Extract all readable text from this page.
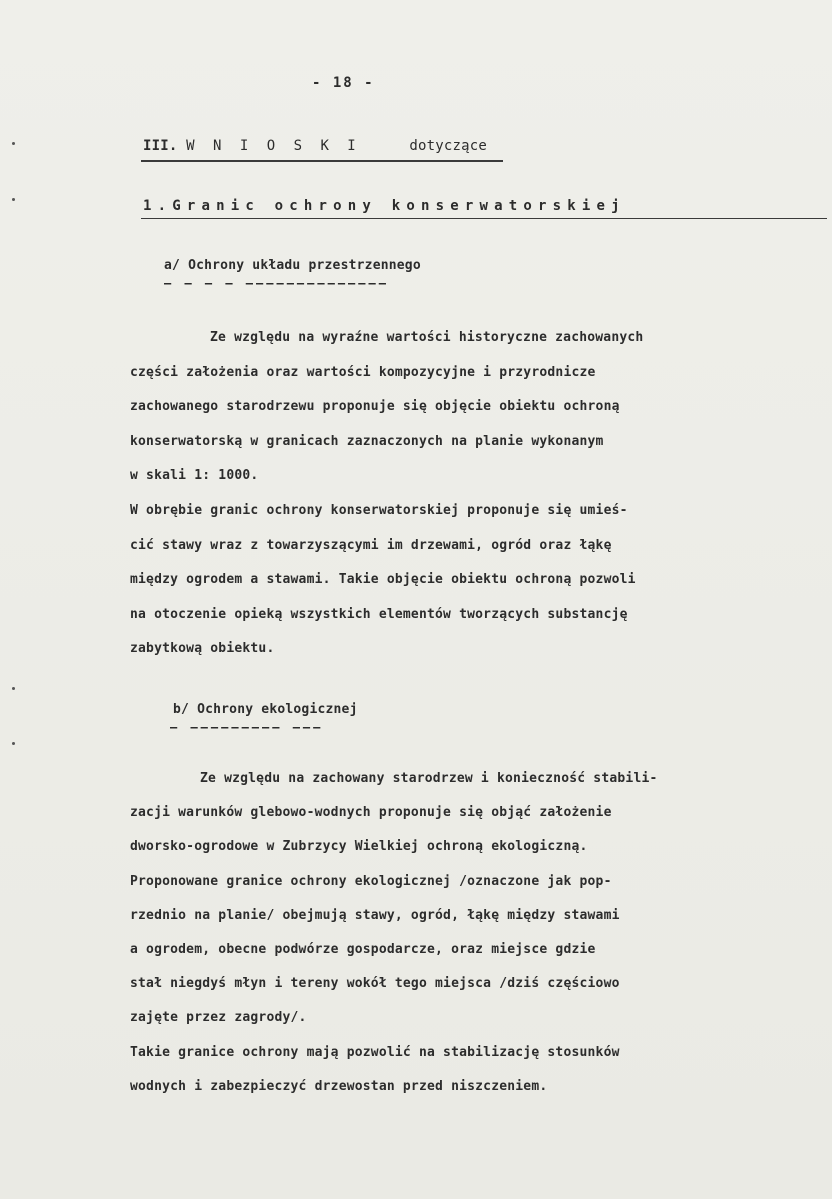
- 18 -
III. W N I O S K I	dotyczące
1.Granic ochrony konserwatorskiej
a/ Ochrony układu przestrzennego
– – – – ––––––––––––––
Ze względu na wyraźne wartości historyczne zachowanych
części założenia oraz wartości kompozycyjne i przyrodnicze
zachowanego starodrzewu proponuje się objęcie obiektu ochroną
konserwatorską w granicach zaznaczonych na planie wykonanym
w skali 1: 1000.
W obrębie granic ochrony konserwatorskiej proponuje się umieś-
cić stawy wraz z towarzyszącymi im drzewami, ogród oraz łąkę
między ogrodem a stawami. Takie objęcie obiektu ochroną pozwoli
na otoczenie opieką wszystkich elementów tworzących substancję
zabytkową obiektu.
b/ Ochrony ekologicznej
– ––––––––– –––
Ze względu na zachowany starodrzew i konieczność stabili-
zacji warunków glebowo-wodnych proponuje się objąć założenie
dworsko-ogrodowe w Zubrzycy Wielkiej ochroną ekologiczną.
Proponowane granice ochrony ekologicznej /oznaczone jak pop-
rzednio na planie/ obejmują stawy, ogród, łąkę między stawami
a ogrodem, obecne podwórze gospodarcze, oraz miejsce gdzie
stał niegdyś młyn i tereny wokół tego miejsca /dziś częściowo
zajęte przez zagrody/.
Takie granice ochrony mają pozwolić na stabilizację stosunków
wodnych i zabezpieczyć drzewostan przed niszczeniem.
